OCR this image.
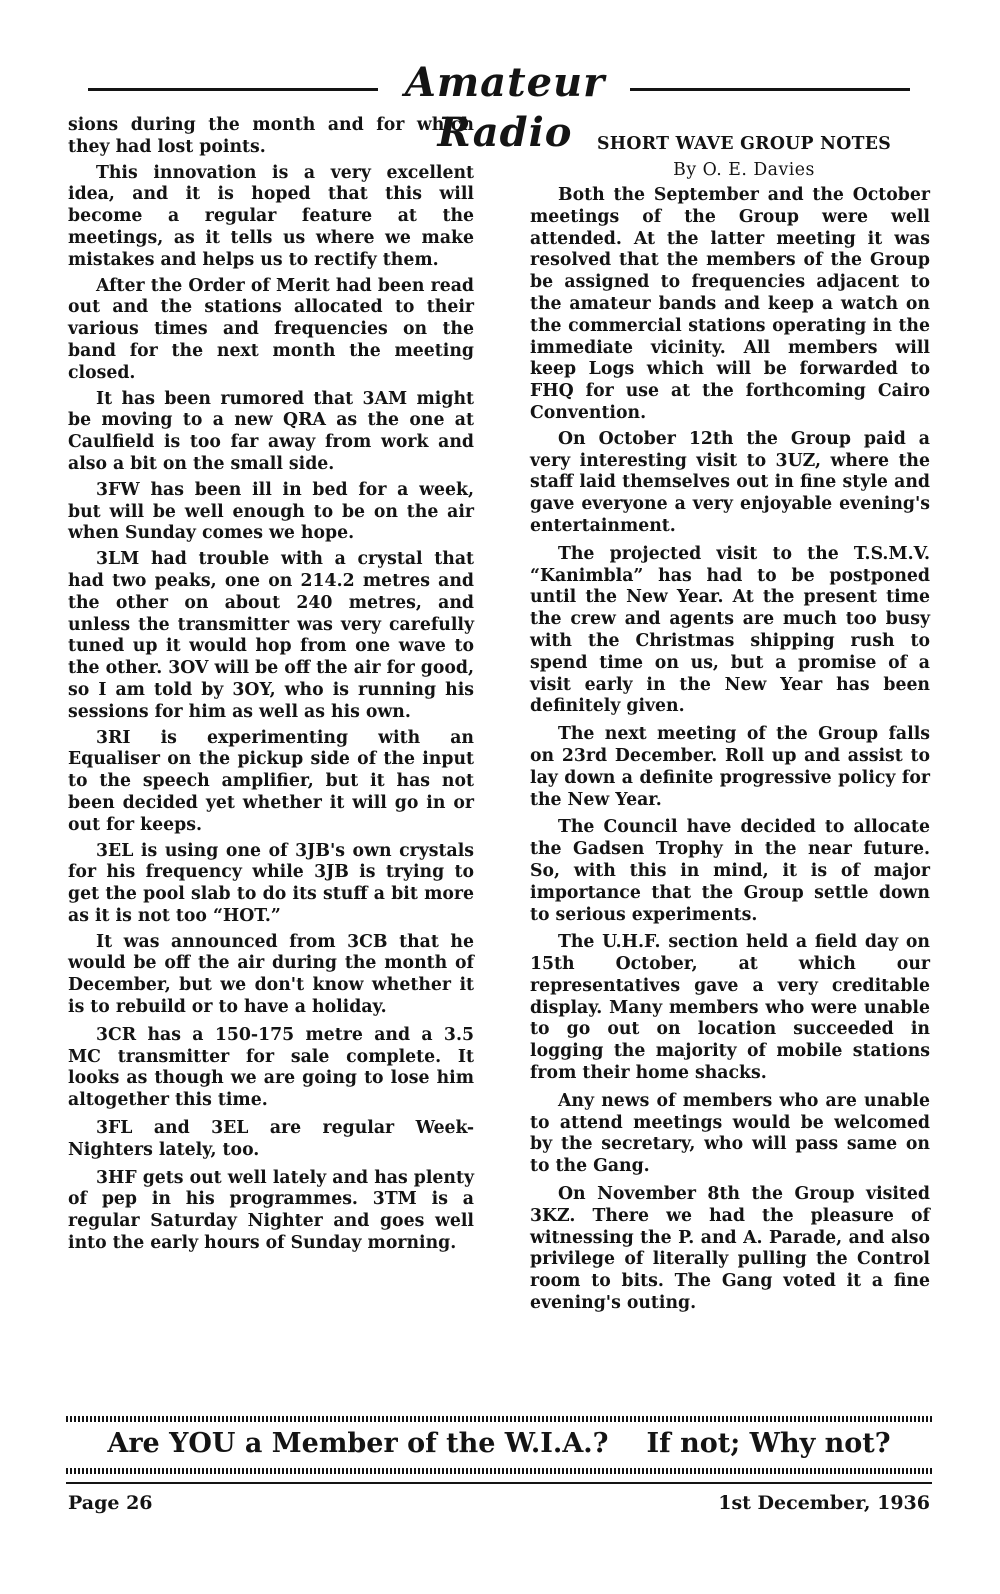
Amateur Radio

sions during the month and for which they had lost points.

This innovation is a very excellent idea, and it is hoped that this will become a regular feature at the meetings, as it tells us where we make mistakes and helps us to rectify them.

After the Order of Merit had been read out and the stations allocated to their various times and frequencies on the band for the next month the meeting closed.

It has been rumored that 3AM might be moving to a new QRA as the one at Caulfield is too far away from work and also a bit on the small side.

3FW has been ill in bed for a week, but will be well enough to be on the air when Sunday comes we hope.

3LM had trouble with a crystal that had two peaks, one on 214.2 metres and the other on about 240 metres, and unless the transmitter was very carefully tuned up it would hop from one wave to the other. 3OV will be off the air for good, so I am told by 3OY, who is running his sessions for him as well as his own.

3RI is experimenting with an Equaliser on the pickup side of the input to the speech amplifier, but it has not been decided yet whether it will go in or out for keeps.

3EL is using one of 3JB's own crystals for his frequency while 3JB is trying to get the pool slab to do its stuff a bit more as it is not too “HOT.”

It was announced from 3CB that he would be off the air during the month of December, but we don't know whether it is to rebuild or to have a holiday.

3CR has a 150-175 metre and a 3.5 MC transmitter for sale complete. It looks as though we are going to lose him altogether this time.

3FL and 3EL are regular Week-Nighters lately, too.

3HF gets out well lately and has plenty of pep in his programmes. 3TM is a regular Saturday Nighter and goes well into the early hours of Sunday morning.

SHORT WAVE GROUP NOTES

By O. E. Davies

Both the September and the October meetings of the Group were well attended. At the latter meeting it was resolved that the members of the Group be assigned to frequencies adjacent to the amateur bands and keep a watch on the commercial stations operating in the immediate vicinity. All members will keep Logs which will be forwarded to FHQ for use at the forthcoming Cairo Convention.

On October 12th the Group paid a very interesting visit to 3UZ, where the staff laid themselves out in fine style and gave everyone a very enjoyable evening's entertainment.

The projected visit to the T.S.M.V. “Kanimbla” has had to be postponed until the New Year. At the present time the crew and agents are much too busy with the Christmas shipping rush to spend time on us, but a promise of a visit early in the New Year has been definitely given.

The next meeting of the Group falls on 23rd December. Roll up and assist to lay down a definite progressive policy for the New Year.

The Council have decided to allocate the Gadsen Trophy in the near future. So, with this in mind, it is of major importance that the Group settle down to serious experiments.

The U.H.F. section held a field day on 15th October, at which our representatives gave a very creditable display. Many members who were unable to go out on location succeeded in logging the majority of mobile stations from their home shacks.

Any news of members who are unable to attend meetings would be welcomed by the secretary, who will pass same on to the Gang.

On November 8th the Group visited 3KZ. There we had the pleasure of witnessing the P. and A. Parade, and also privilege of literally pulling the Control room to bits. The Gang voted it a fine evening's outing.

Are YOU a Member of the W.I.A.? If not; Why not?
Page 26	1st December, 1936
